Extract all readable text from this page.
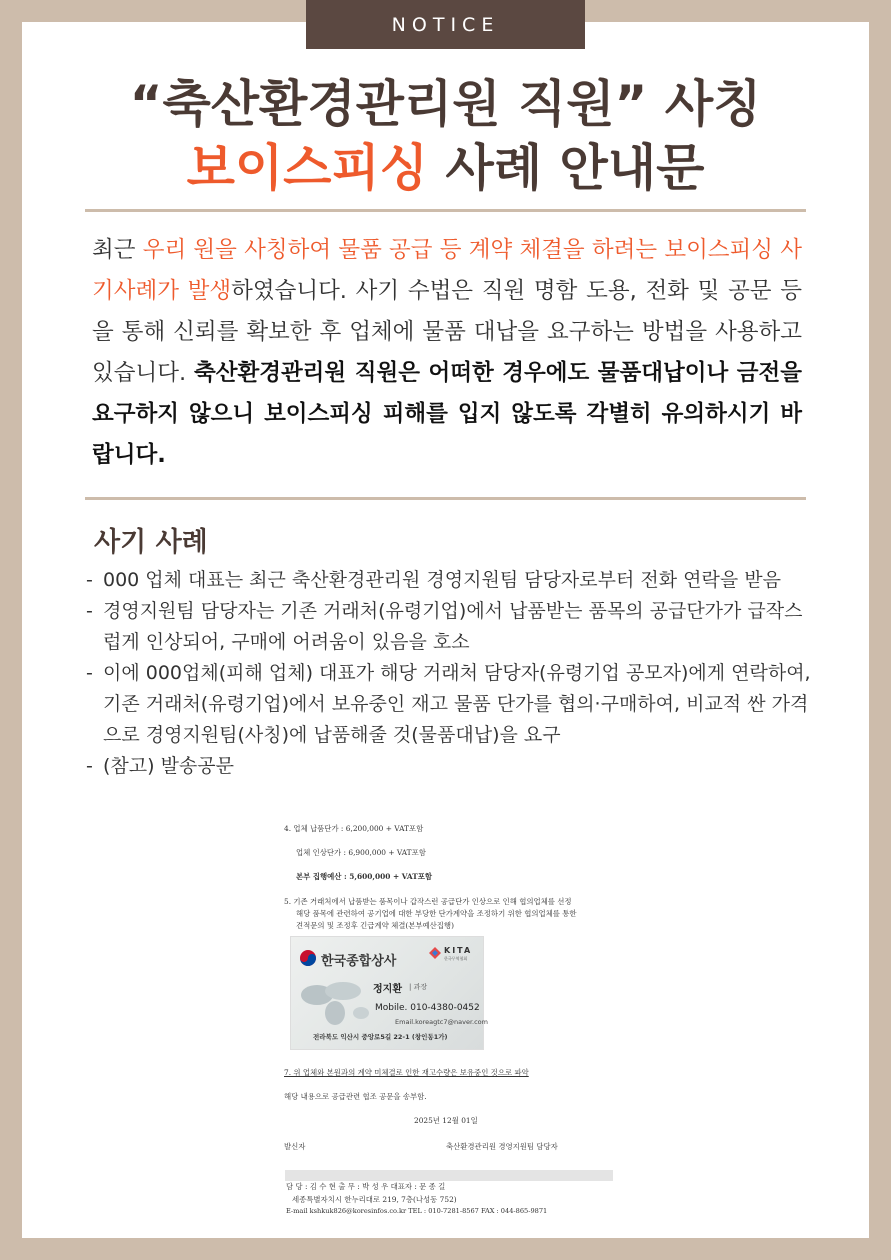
NOTICE
“축산환경관리원 직원” 사칭
보이스피싱 사례 안내문
최근 우리 원을 사칭하여 물품 공급 등 계약 체결을 하려는 보이스피싱 사기사례가 발생하였습니다. 사기 수법은 직원 명함 도용, 전화 및 공문 등을 통해 신뢰를 확보한 후 업체에 물품 대납을 요구하는 방법을 사용하고 있습니다. 축산환경관리원 직원은 어떠한 경우에도 물품대납이나 금전을 요구하지 않으니 보이스피싱 피해를 입지 않도록 각별히 유의하시기 바랍니다.
사기 사례
- 000 업체 대표는 최근 축산환경관리원 경영지원팀 담당자로부터 전화 연락을 받음
- 경영지원팀 담당자는 기존 거래처(유령기업)에서 납품받는 품목의 공급단가가 급작스럽게 인상되어, 구매에 어려움이 있음을 호소
- 이에 000업체(피해 업체) 대표가 해당 거래처 담당자(유령기업 공모자)에게 연락하여, 기존 거래처(유령기업)에서 보유중인 재고 물품 단가를 협의·구매하여, 비교적 싼 가격으로 경영지원팀(사칭)에 납품해줄 것(물품대납)을 요구
- (참고) 발송공문
4. 업체 납품단가 : 6,200,000 + VAT포함
업체 인상단가 : 6,900,000 + VAT포함
본부 집행예산 : 5,600,000 + VAT포함
5. 기존 거래처에서 납품받는 품목이나 갑작스런 공급단가 인상으로 인해 협의업체를 선정
해당 품목에 관련하여 공기업에 대한 부당한 단가계약을 조정하기 위한 협의업체를 통한
견적문의 및 조정후 긴급계약 체결(본부예산집행)
한국종합상사
KITA
한국무역협회
정지환 | 과장
Mobile. 010-4380-0452
Email.koreagtc7@naver.com
전라북도 익산시 중앙로5길 22-1 (창인동1가)
7. 위 업체와 본원과의 계약 미체결로 인한 재고수량은 보유중인 것으로 파악
해당 내용으로 공급관련 협조 공문을 송부함.
2025년 12월 01일
발신자	축산환경관리원 경영지원팀 담당자
담 당 : 김 수 현 출 무 : 박 성 우 대표자 : 문 종 길
세종특별자치시 한누리대로 219, 7층(나성동 752)
E-mail kshkuk826@koresinfos.co.kr TEL : 010-7281-8567 FAX : 044-865-9871
